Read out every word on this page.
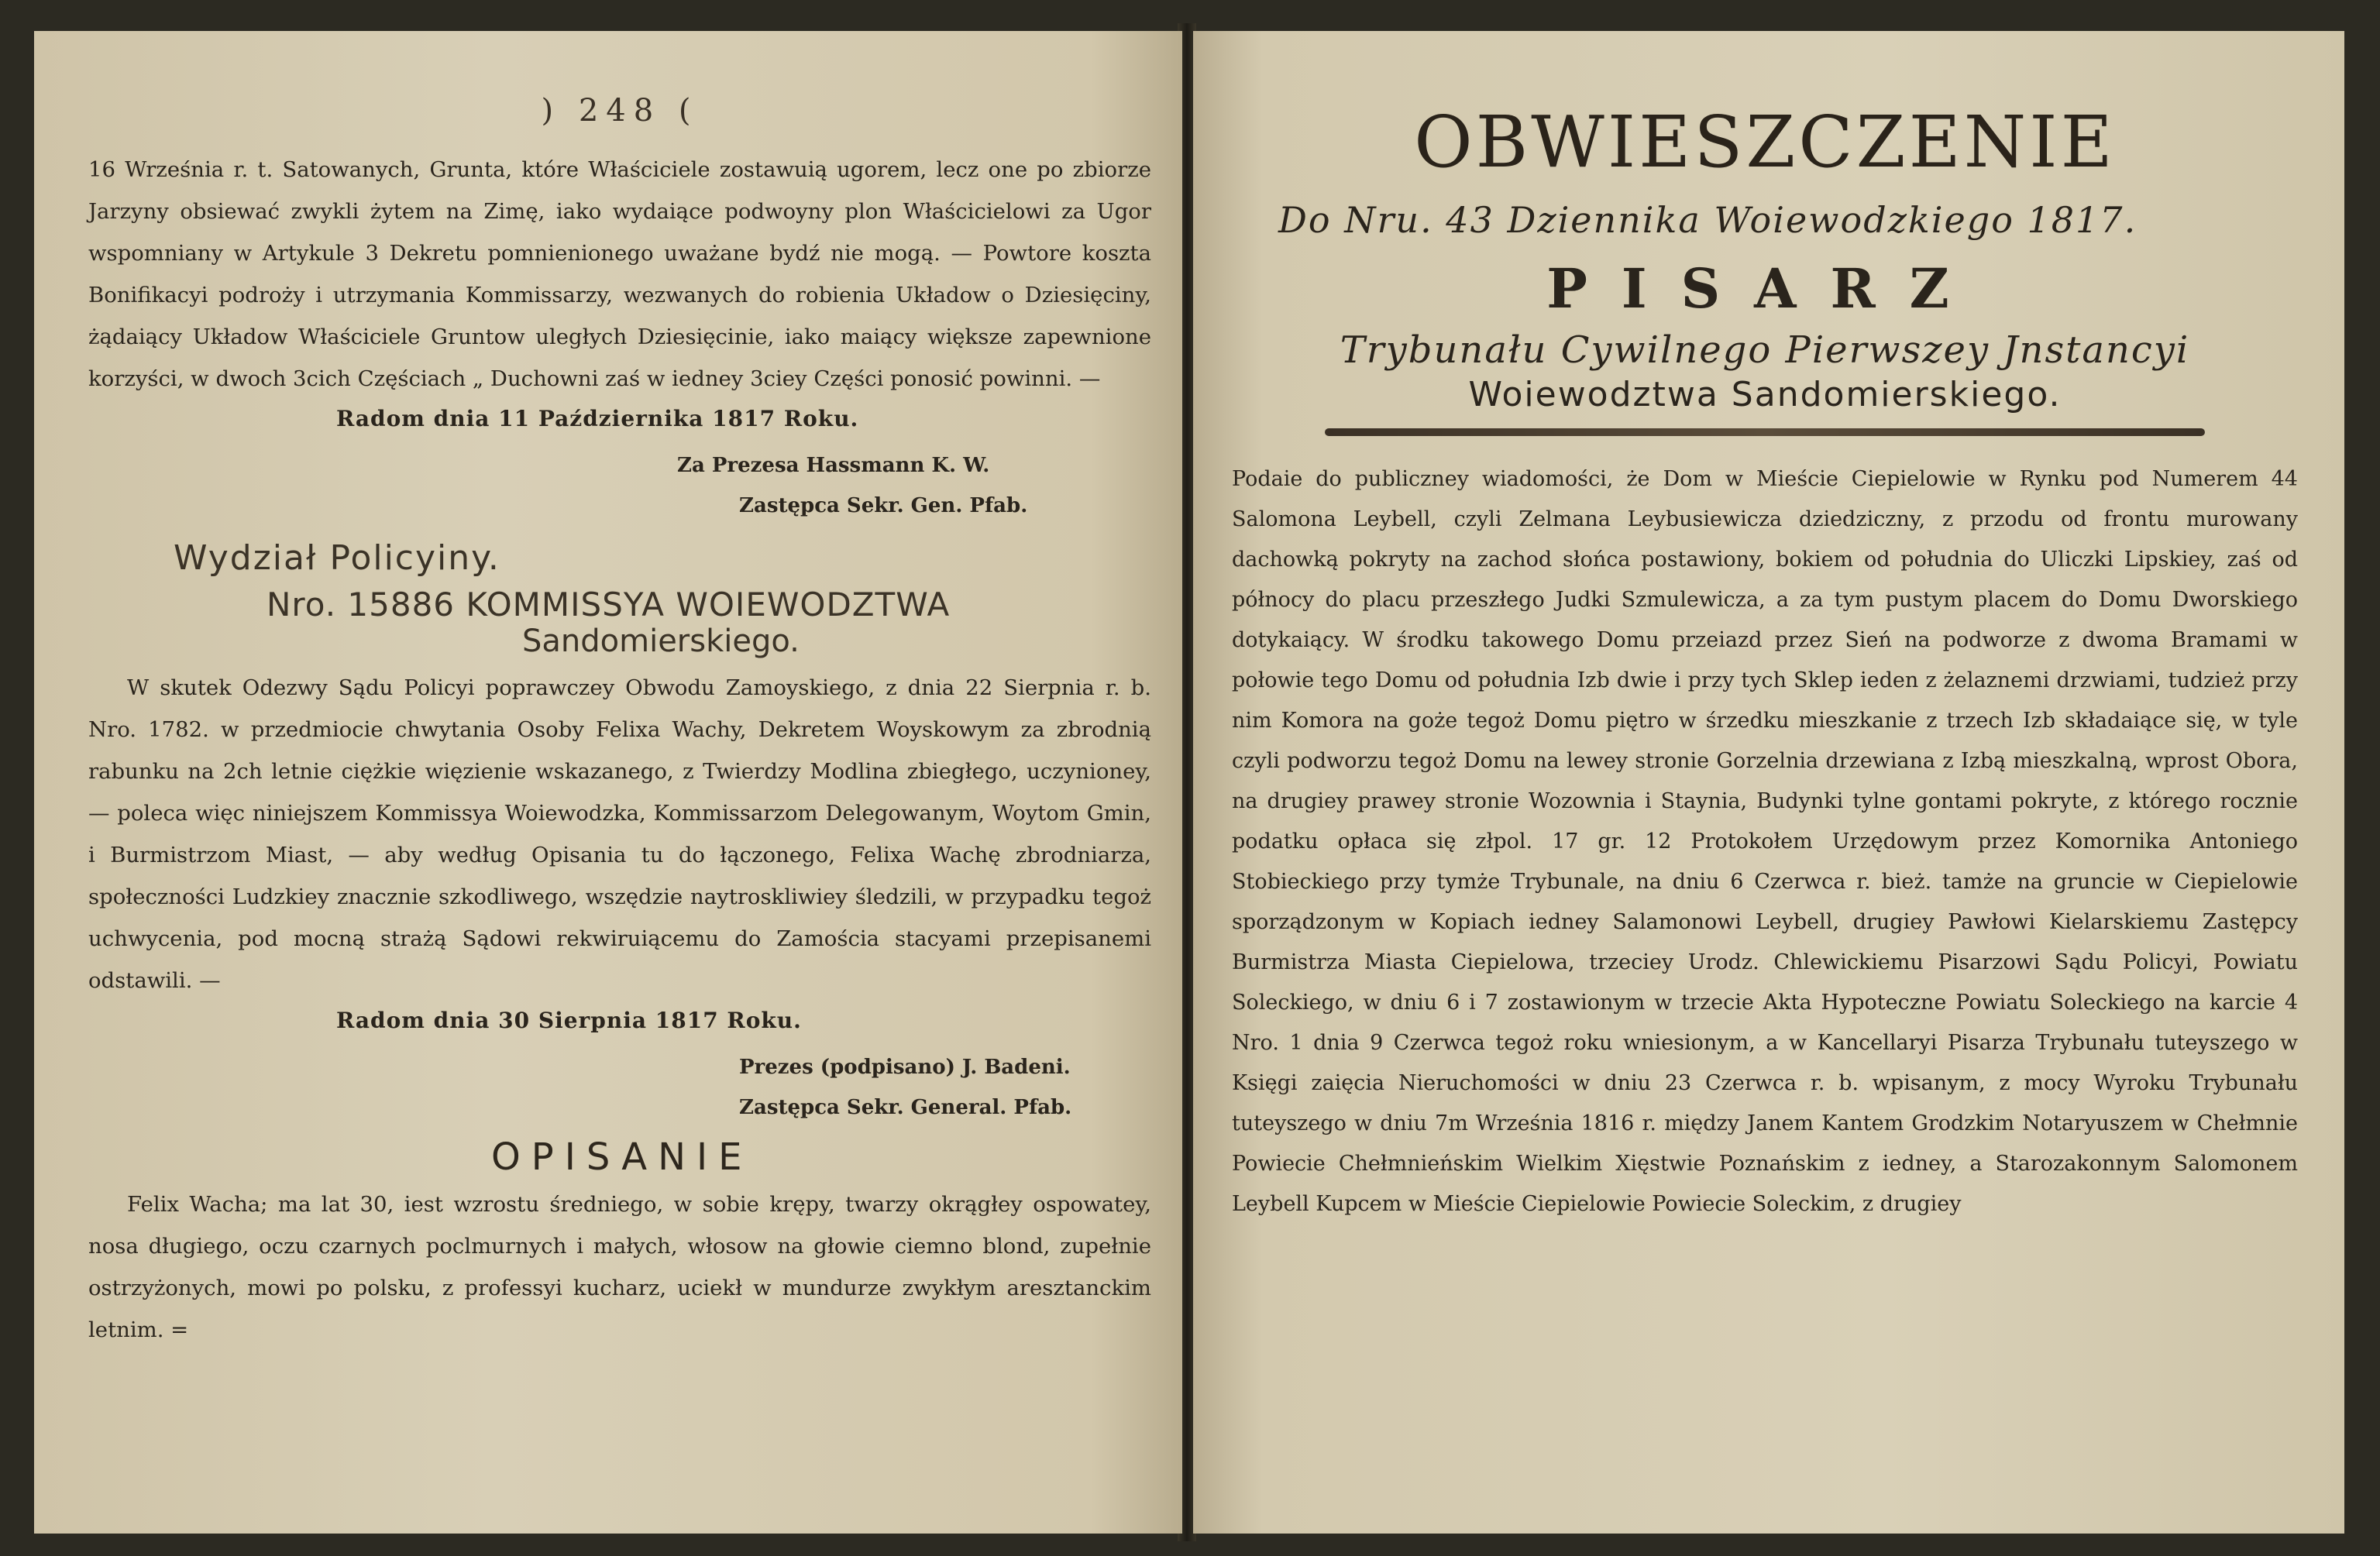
) 248 (

16 Września r. t. Satowanych, Grunta, które Właściciele zostawuią ugorem, lecz one po zbiorze Jarzyny obsiewać zwykli żytem na Zimę, iako wydaiące podwoyny plon Właścicielowi za Ugor wspomniany w Artykule 3 Dekretu pomnienionego uważane bydź nie mogą. — Powtore koszta Bonifikacyi podroży i utrzymania Kommissarzy, wezwanych do robienia Układow o Dziesięciny, żądaiący Układow Właściciele Gruntow uległych Dziesięcinie, iako maiący większe zapewnione korzyści, w dwoch 3cich Częściach „ Duchowni zaś w iedney 3ciey Części ponosić powinni. —

Radom dnia 11 Października 1817 Roku.
Za Prezesa Hassmann K. W.
Zastępca Sekr. Gen. Pfab.
Wydział Policyiny.
Nro. 15886 KOMMISSYA WOIEWODZTWA
Sandomierskiego.

W skutek Odezwy Sądu Policyi poprawczey Obwodu Zamoyskiego, z dnia 22 Sierpnia r. b. Nro. 1782. w przedmiocie chwytania Osoby Felixa Wachy, Dekretem Woyskowym za zbrodnią rabunku na 2ch letnie ciężkie więzienie wskazanego, z Twierdzy Modlina zbiegłego, uczynioney, — poleca więc niniejszem Kommissya Woiewodzka, Kommissarzom Delegowanym, Woytom Gmin, i Burmistrzom Miast, — aby według Opisania tu do łączonego, Felixa Wachę zbrodniarza, społeczności Ludzkiey znacznie szkodliwego, wszędzie naytroskliwiey śledzili, w przypadku tegoż uchwycenia, pod mocną strażą Sądowi rekwiruiącemu do Zamościa stacyami przepisanemi odstawili. —

Radom dnia 30 Sierpnia 1817 Roku.
Prezes (podpisano) J. Badeni.
Zastępca Sekr. General. Pfab.
OPISANIE

Felix Wacha; ma lat 30, iest wzrostu średniego, w sobie krępy, twarzy okrągłey ospowatey, nosa długiego, oczu czarnych poclmurnych i małych, włosow na głowie ciemno blond, zupełnie ostrzyżonych, mowi po polsku, z professyi kucharz, uciekł w mundurze zwykłym aresztanckim letnim. =

OBWIESZCZENIE
Do Nru. 43 Dziennika Woiewodzkiego 1817.
PISARZ
Trybunału Cywilnego Pierwszey Jnstancyi
Woiewodztwa Sandomierskiego.

Podaie do publiczney wiadomości, że Dom w Mieście Ciepielowie w Rynku pod Numerem 44 Salomona Leybell, czyli Zelmana Leybusiewicza dziedziczny, z przodu od frontu murowany dachowką pokryty na zachod słońca postawiony, bokiem od południa do Uliczki Lipskiey, zaś od północy do placu przeszłego Judki Szmulewicza, a za tym pustym placem do Domu Dworskiego dotykaiący. W środku takowego Domu przeiazd przez Sień na podworze z dwoma Bramami w połowie tego Domu od południa Izb dwie i przy tych Sklep ieden z żelaznemi drzwiami, tudzież przy nim Komora na goże tegoż Domu piętro w śrzedku mieszkanie z trzech Izb składaiące się, w tyle czyli podworzu tegoż Domu na lewey stronie Gorzelnia drzewiana z Izbą mieszkalną, wprost Obora, na drugiey prawey stronie Wozownia i Staynia, Budynki tylne gontami pokryte, z którego rocznie podatku opłaca się złpol. 17 gr. 12 Protokołem Urzędowym przez Komornika Antoniego Stobieckiego przy tymże Trybunale, na dniu 6 Czerwca r. bież. tamże na gruncie w Ciepielowie sporządzonym w Kopiach iedney Salamonowi Leybell, drugiey Pawłowi Kielarskiemu Zastępcy Burmistrza Miasta Ciepielowa, trzeciey Urodz. Chlewickiemu Pisarzowi Sądu Policyi, Powiatu Soleckiego, w dniu 6 i 7 zostawionym w trzecie Akta Hypoteczne Powiatu Soleckiego na karcie 4 Nro. 1 dnia 9 Czerwca tegoż roku wniesionym, a w Kancellaryi Pisarza Trybunału tuteyszego w Księgi zaięcia Nieruchomości w dniu 23 Czerwca r. b. wpisanym, z mocy Wyroku Trybunału tuteyszego w dniu 7m Września 1816 r. między Janem Kantem Grodzkim Notaryuszem w Chełmnie Powiecie Chełmnieńskim Wielkim Xięstwie Poznańskim z iedney, a Starozakonnym Salomonem Leybell Kupcem w Mieście Ciepielowie Powiecie Soleckim, z drugiey
